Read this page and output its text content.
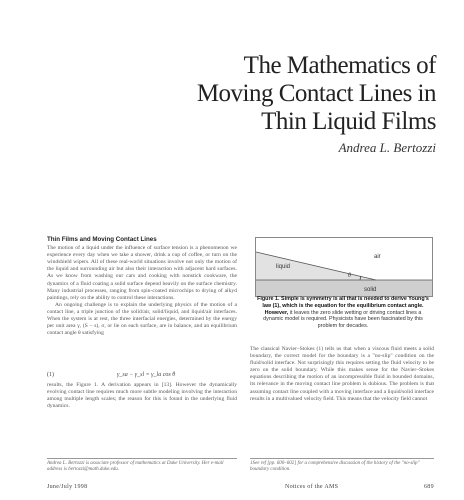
The Mathematics of
Moving Contact Lines in
Thin Liquid Films
Andrea L. Bertozzi
Thin Films and Moving Contact Lines

The motion of a liquid under the influence of surface tension is a phenomenon we experience every day when we take a shower, drink a cup of coffee, or turn on the windshield wipers. All of these real-world situations involve not only the motion of the liquid and surrounding air but also their interaction with adjacent hard surfaces. As we know from washing our cars and cooking with nonstick cookware, the dynamics of a fluid coating a solid surface depend heavily on the surface chemistry. Many industrial processes, ranging from spin-coated microchips to drying of alkyd paintings, rely on the ability to control these interactions.

An ongoing challenge is to explain the underlying physics of the motion of a contact line, a triple junction of the solid/air, solid/liquid, and liquid/air interfaces. When the system is at rest, the three interfacial energies, determined by the energy per unit area γ, (S − s), σ, or lie on each surface, are in balance, and an equilibrium contact angle θ satisfying

(1)	γ_sa − γ_sl = γ_la cos θ

results, the Figure 1. A derivation appears in [13]. However the dynamically evolving contact line requires much more subtle modeling involving the interaction among multiple length scales; the reason for this is found in the underlying fluid dynamics.

liquid
air
solid
θ
Figure 1. Simple is symmetry is all that is needed to derive Young's law (1), which is the equation for the equilibrium contact angle. However, it leaves the zero slide wetting or driving contact lines a dynamic model is required. Physicists have been fascinated by this problem for decades.

The classical Navier–Stokes (1) tells us that when a viscous fluid meets a solid boundary, the correct model for the boundary is a "no-slip" condition on the fluid/solid interface. Not surprisingly this requires setting the fluid velocity to be zero on the solid boundary. While this makes sense for the Navier–Stokes equations describing the motion of an incompressible fluid in bounded domains, its relevance in the moving contact line problem is dubious. The problem is that assuming contact line coupled with a moving interface and a liquid/solid interface results in a multivalued velocity field. This means that the velocity field cannot

Andrea L. Bertozzi is associate professor of mathematics at Duke University. Her e-mail address is bertozzi@math.duke.edu.
1See ref [pp. 600–602] for a comprehensive discussion of the history of the "no-slip" boundary condition.
June/July 1998	Notices of the AMS	689
